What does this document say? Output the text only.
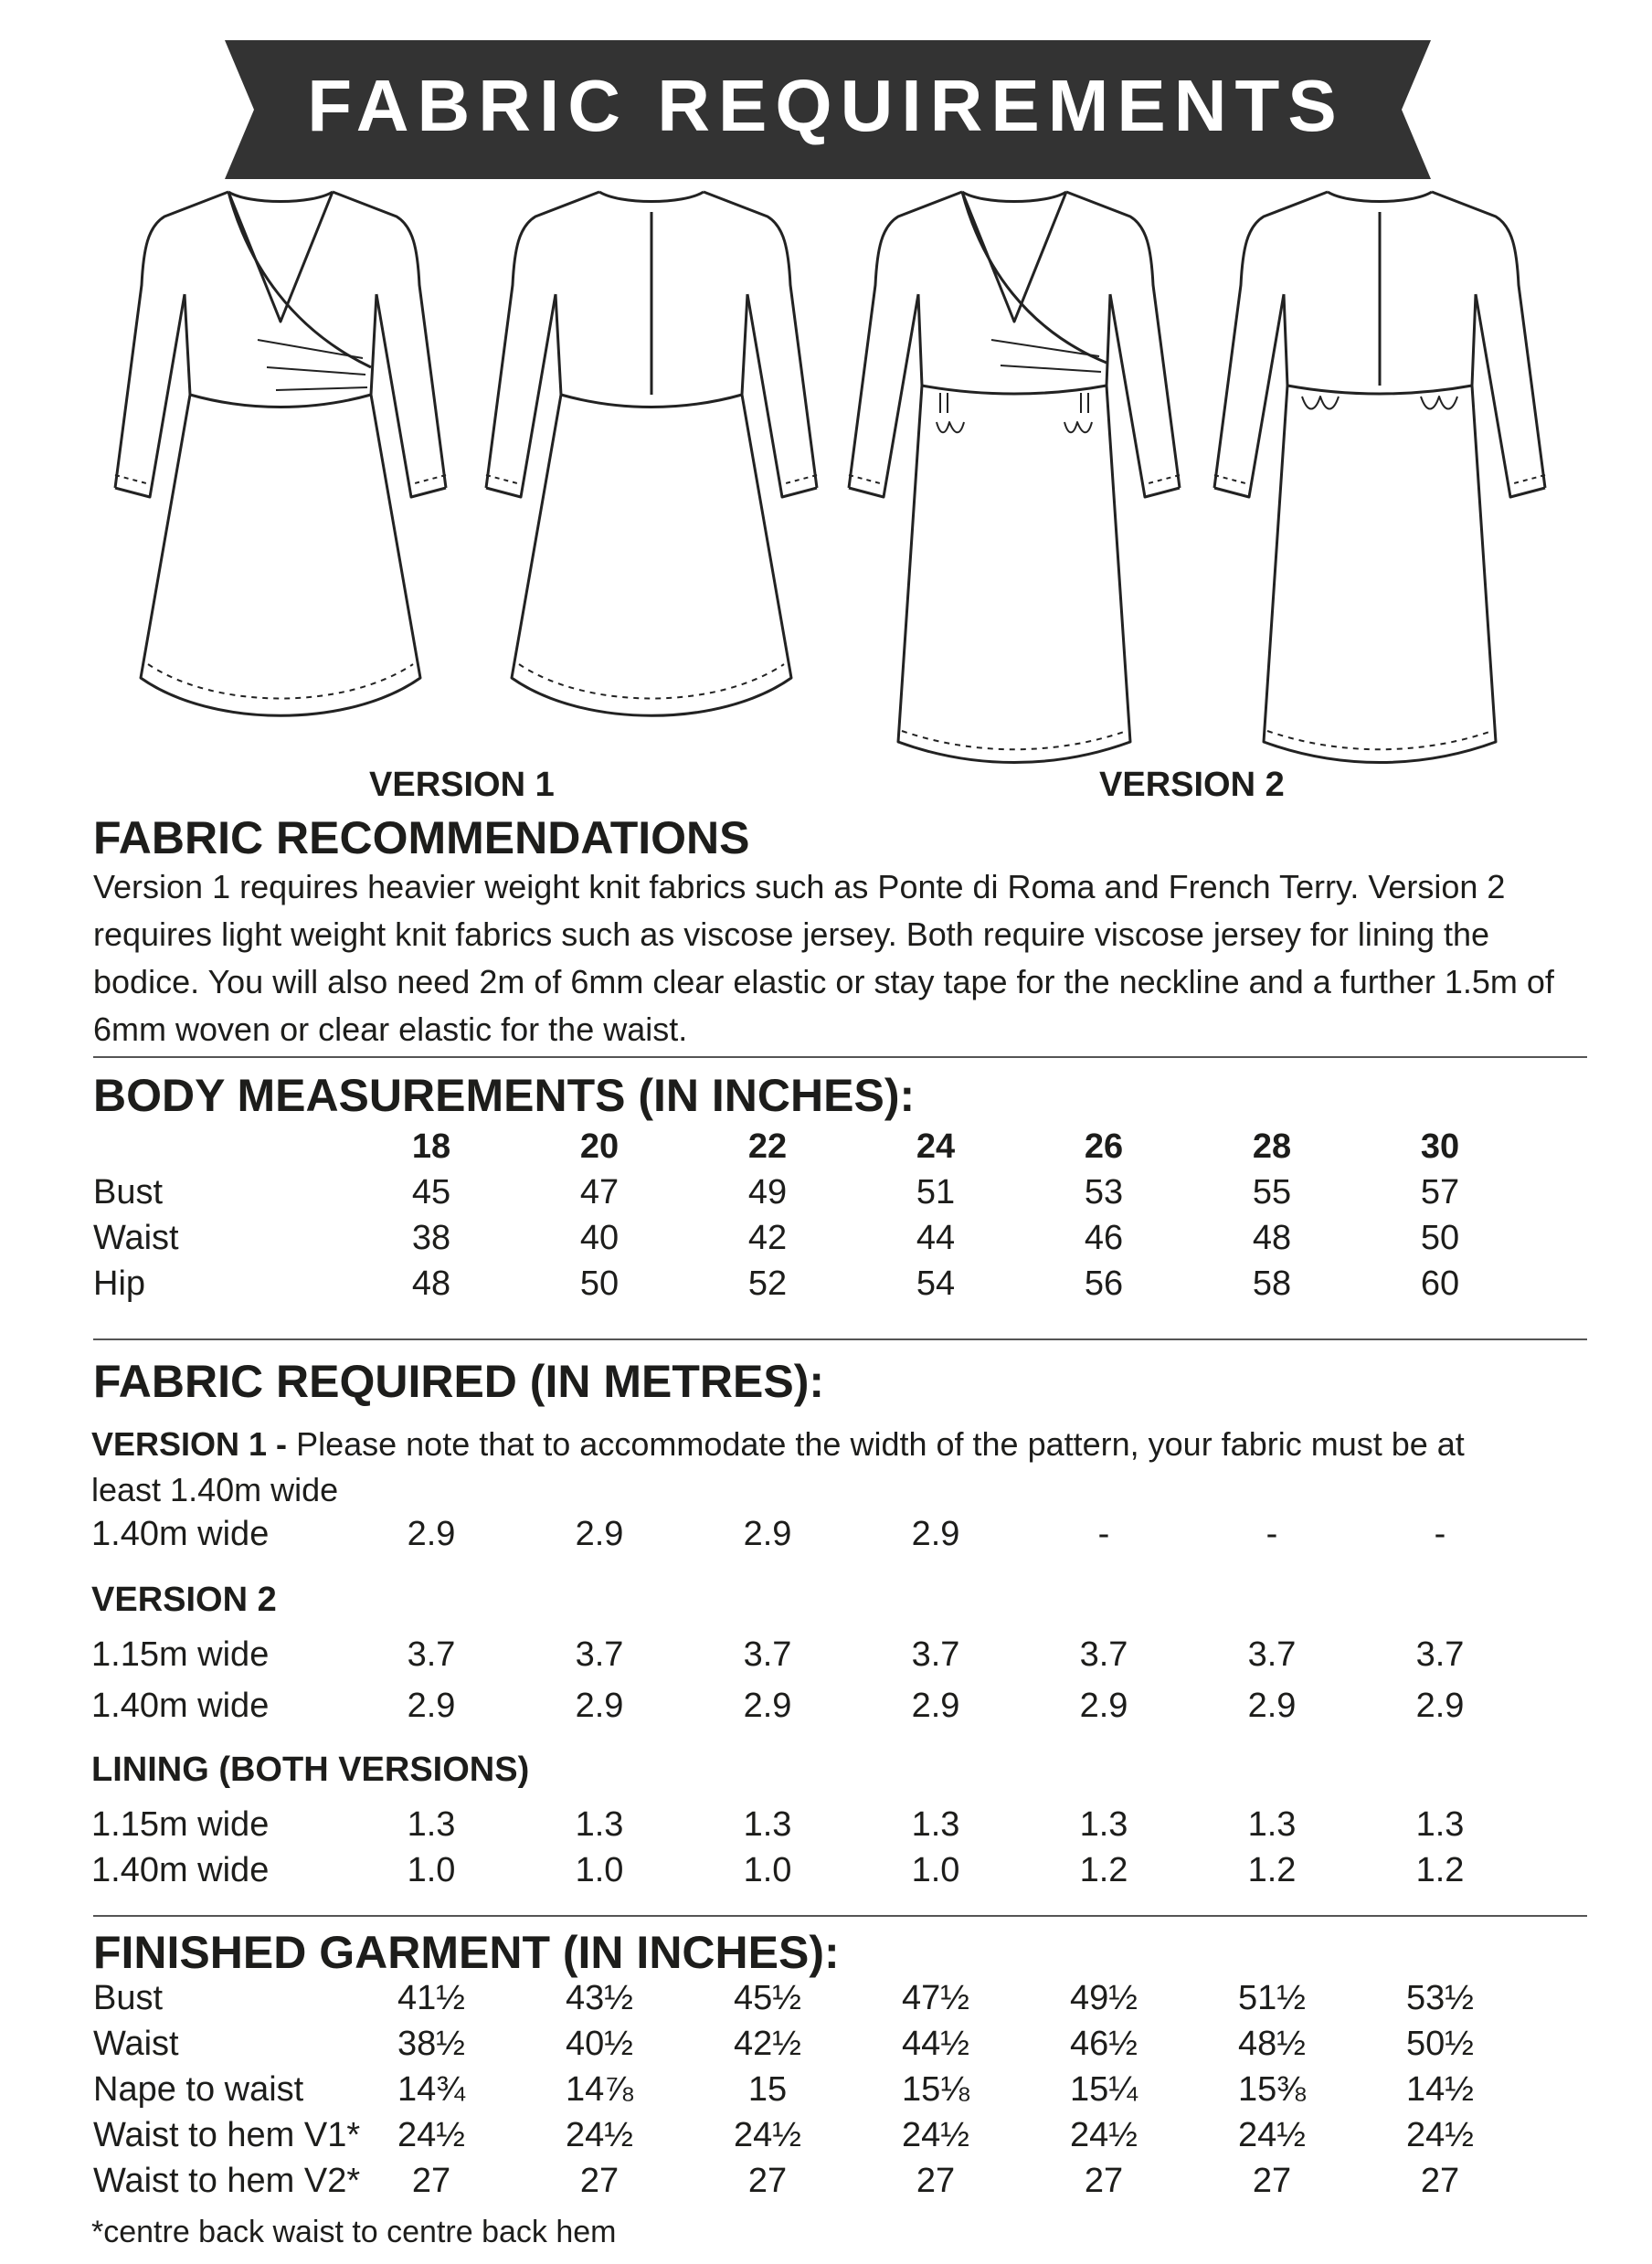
FABRIC REQUIREMENTS
VERSION 1	VERSION 2
FABRIC RECOMMENDATIONS
Version 1 requires heavier weight knit fabrics such as Ponte di Roma and French Terry. Version 2
requires light weight knit fabrics such as viscose jersey. Both require viscose jersey for lining the
bodice. You will also need 2m of 6mm clear elastic or stay tape for the neckline and a further 1.5m of
6mm woven or clear elastic for the waist.
BODY MEASUREMENTS (IN INCHES):
18	20	22	24	26	28	30
Bust	45	47	49	51	53	55	57
Waist	38	40	42	44	46	48	50
Hip	48	50	52	54	56	58	60
FABRIC REQUIRED (IN METRES):
VERSION 1 - Please note that to accommodate the width of the pattern, your fabric must be at
least 1.40m wide
1.40m wide	2.9	2.9	2.9	2.9	-	-	-
VERSION 2
1.15m wide	3.7	3.7	3.7	3.7	3.7	3.7	3.7
1.40m wide	2.9	2.9	2.9	2.9	2.9	2.9	2.9
LINING (BOTH VERSIONS)
1.15m wide	1.3	1.3	1.3	1.3	1.3	1.3	1.3
1.40m wide	1.0	1.0	1.0	1.0	1.2	1.2	1.2
FINISHED GARMENT (IN INCHES):
Bust	41½	43½	45½	47½	49½	51½	53½
Waist	38½	40½	42½	44½	46½	48½	50½
Nape to waist	14¾	14⅞	15	15⅛	15¼	15⅜	14½
Waist to hem V1* 24½	24½	24½	24½	24½	24½	24½
Waist to hem V2*	27	27	27	27	27	27	27
*centre back waist to centre back hem
